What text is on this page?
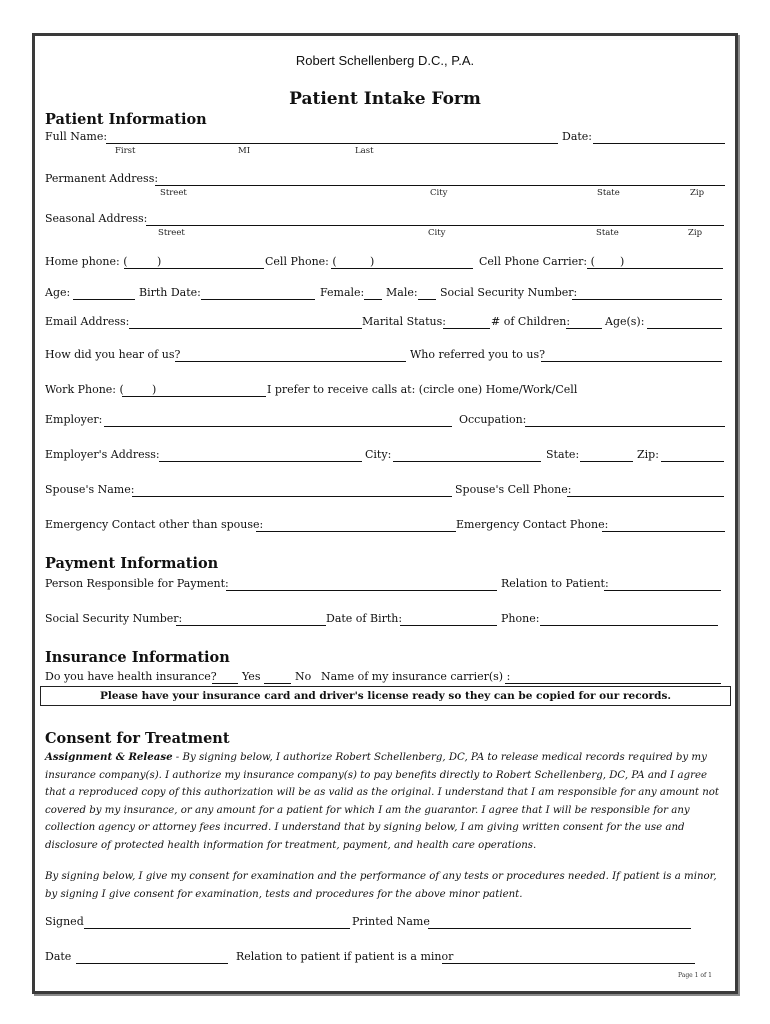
Robert Schellenberg D.C., P.A.
Patient Intake Form
Patient Information
Full Name:	Date:
First	MI	Last
Permanent Address:
Street	City	State	Zip
Seasonal Address:
Street	City	State	Zip
Home phone: (	)	Cell Phone: (	)	Cell Phone Carrier: ( )
Age:	Birth Date:	Female: Male: Social Security Number:
Email Address:	Marital Status:	# of Children:	Age(s):
How did you hear of us?	Who referred you to us?
Work Phone: (	)	I prefer to receive calls at: (circle one) Home/Work/Cell
Employer:	Occupation:
Employer's Address:	City:	State:	Zip:
Spouse's Name:	Spouse's Cell Phone:
Emergency Contact other than spouse:	Emergency Contact Phone:
Payment Information
Person Responsible for Payment:	Relation to Patient:
Social Security Number:	Date of Birth:	Phone:
Insurance Information
Do you have health insurance? Yes	No Name of my insurance carrier(s) :
Please have your insurance card and driver's license ready so they can be copied for our records.
Consent for Treatment
Assignment & Release - By signing below, I authorize Robert Schellenberg, DC, PA to release medical records required by my insurance company(s). I authorize my insurance company(s) to pay benefits directly to Robert Schellenberg, DC, PA and I agree that a reproduced copy of this authorization will be as valid as the original. I understand that I am responsible for any amount not covered by my insurance, or any amount for a patient for which I am the guarantor. I agree that I will be responsible for any collection agency or attorney fees incurred. I understand that by signing below, I am giving written consent for the use and disclosure of protected health information for treatment, payment, and health care operations.
By signing below, I give my consent for examination and the performance of any tests or procedures needed. If patient is a minor, by signing I give consent for examination, tests and procedures for the above minor patient.
Signed	Printed Name
Date	Relation to patient if patient is a minor
Page 1 of 1
